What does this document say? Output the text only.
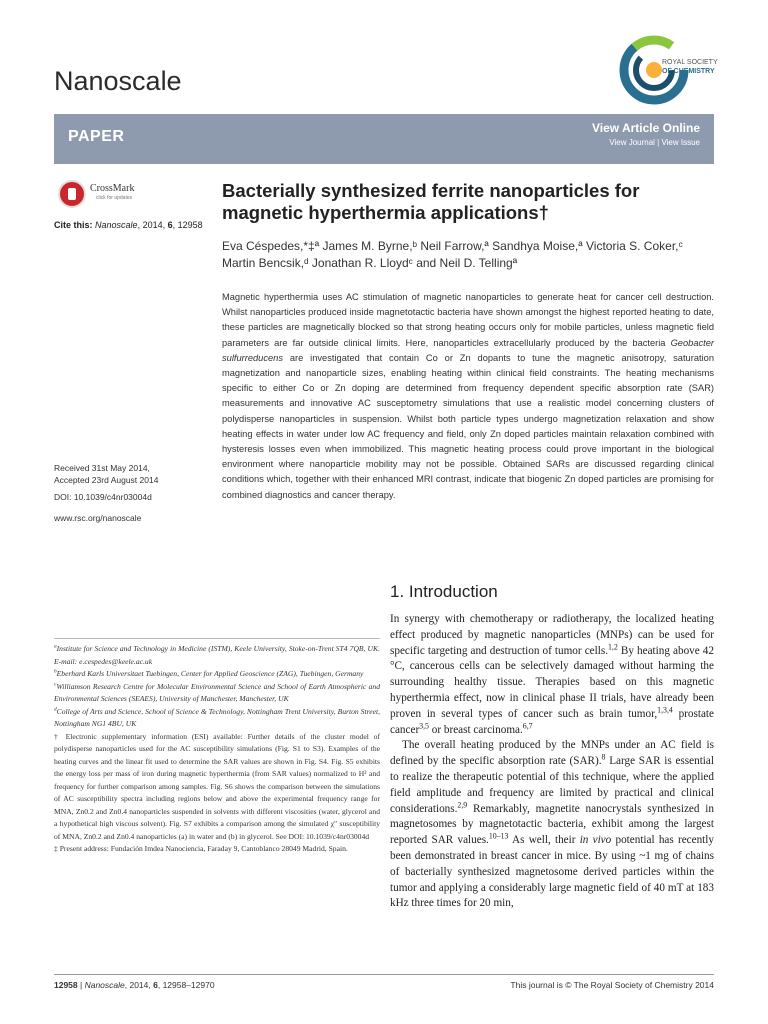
Nanoscale
ROYAL SOCIETY
OF CHEMISTRY
PAPER	View Article Online
View Journal | View Issue
CrossMark
click for updates
Cite this: Nanoscale, 2014, 6, 12958
Bacterially synthesized ferrite nanoparticles for magnetic hyperthermia applications†
Eva Céspedes,*‡ª James M. Byrne,ᵇ Neil Farrow,ª Sandhya Moise,ª Victoria S. Coker,ᶜ
Martin Bencsik,ᵈ Jonathan R. Lloydᶜ and Neil D. Tellingª

Magnetic hyperthermia uses AC stimulation of magnetic nanoparticles to generate heat for cancer cell destruction. Whilst nanoparticles produced inside magnetotactic bacteria have shown amongst the highest reported heating to date, these particles are magnetically blocked so that strong heating occurs only for mobile particles, unless magnetic field parameters are far outside clinical limits. Here, nanoparticles extracellularly produced by the bacteria Geobacter sulfurreducens are investigated that contain Co or Zn dopants to tune the magnetic anisotropy, saturation magnetization and nanoparticle sizes, enabling heating within clinical field constraints. The heating mechanisms specific to either Co or Zn doping are determined from frequency dependent specific absorption rate (SAR) measurements and innovative AC susceptometry simulations that use a realistic model concerning clusters of polydisperse nanoparticles in suspension. Whilst both particle types undergo magnetization relaxation and show heating effects in water under low AC frequency and field, only Zn doped particles maintain relaxation combined with hysteresis losses even when immobilized. This magnetic heating process could prove important in the biological environment where nanoparticle mobility may not be possible. Obtained SARs are discussed regarding clinical conditions which, together with their enhanced MRI contrast, indicate that biogenic Zn doped particles are promising for combined diagnostics and cancer therapy.

Received 31st May 2014,
Accepted 23rd August 2014
DOI: 10.1039/c4nr03004d
www.rsc.org/nanoscale
1. Introduction

In synergy with chemotherapy or radiotherapy, the localized heating effect produced by magnetic nanoparticles (MNPs) can be used for specific targeting and destruction of tumor cells.$^{1,2}$ By heating above 42 °C, cancerous cells can be selectively damaged without harming the surrounding healthy tissue. Therapies based on this magnetic hyperthermia effect, now in clinical phase II trials, have already been proven in several types of cancer such as brain tumor,$^{1,3,4}$ prostate cancer$^{3,5}$ or breast carcinoma.$^{6,7}$

The overall heating produced by the MNPs under an AC field is defined by the specific absorption rate (SAR).$^8$ Large SAR is essential to realize the therapeutic potential of this technique, where the applied field amplitude and frequency are limited by practical and clinical considerations.$^{2,9}$ Remarkably, magnetite nanocrystals synthesized in magnetosomes by magnetotactic bacteria, exhibit among the largest reported SAR values.$^{10-13}$ As well, their in vivo potential has recently been demonstrated in breast cancer in mice. By using ~1 mg of chains of bacterially synthesized magnetosome derived particles within the tumor and applying a considerably large magnetic field of 40 mT at 183 kHz three times for 20 min,

$^a$Institute for Science and Technology in Medicine (ISTM), Keele University, Stoke-on-Trent ST4 7QB, UK. E-mail: e.cespedes@keele.ac.uk

$^b$Eberhard Karls Universitaet Tuebingen, Center for Applied Geoscience (ZAG), Tuebingen, Germany

$^c$Williamson Research Centre for Molecular Environmental Science and School of Earth Atmospheric and Environmental Sciences (SEAES), University of Manchester, Manchester, UK

$^d$College of Arts and Science, School of Science & Technology, Nottingham Trent University, Burton Street, Nottingham NG1 4BU, UK

† Electronic supplementary information (ESI) available: Further details of the cluster model of polydisperse nanoparticles used for the AC susceptibility simulations (Fig. S1 to S3). Examples of the heating curves and the linear fit used to determine the SAR values are shown in Fig. S4. Fig. S5 exhibits the energy loss per mass of iron during magnetic hyperthermia (from SAR values) normalized to H² and frequency for further comparison among samples. Fig. S6 shows the comparison between the simulations of AC susceptibility spectra including regions below and above the experimental frequency range for MNA, Zn0.2 and Zn0.4 nanoparticles suspended in solvents with different viscosities (water, glycerol and a hypothetical high viscous solvent). Fig. S7 exhibits a comparison among the simulated χ″ susceptibility of MNA, Zn0.2 and Zn0.4 nanoparticles (a) in water and (b) in glycerol. See DOI: 10.1039/c4nr03004d

‡ Present address: Fundación Imdea Nanociencia, Faraday 9, Cantoblanco 28049 Madrid, Spain.

12958 | Nanoscale, 2014, 6, 12958–12970	This journal is © The Royal Society of Chemistry 2014
